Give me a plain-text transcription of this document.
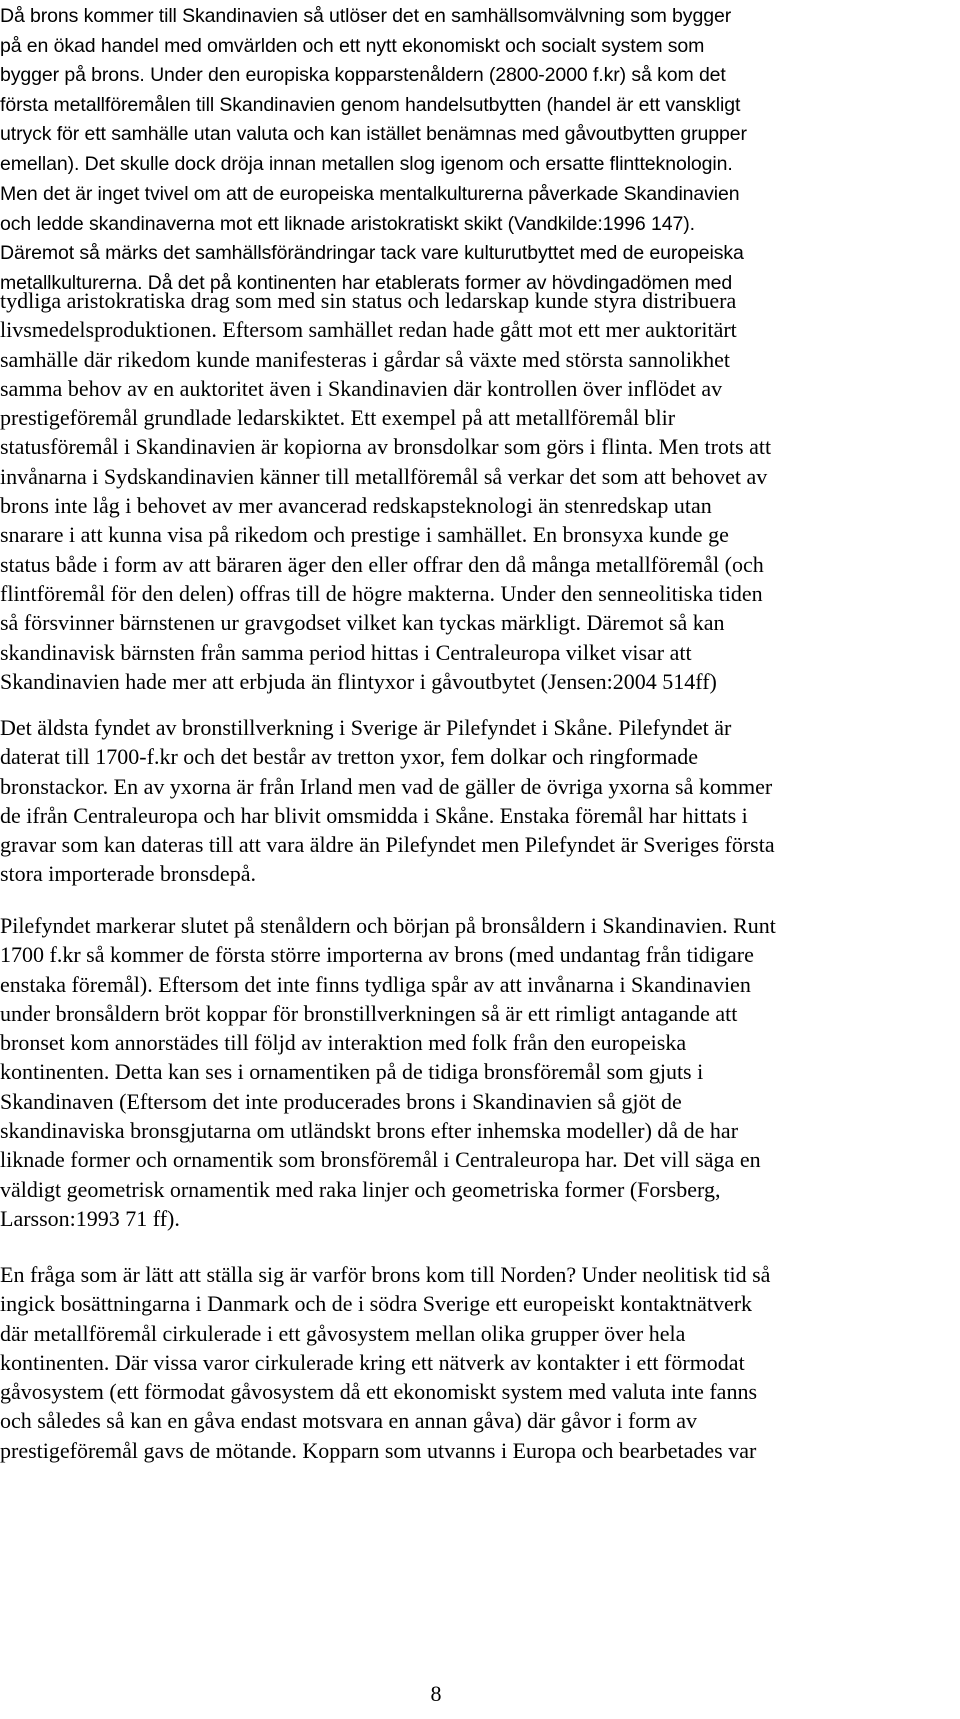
Då brons kommer till Skandinavien så utlöser det en samhällsomvälvning som bygger
på en ökad handel med omvärlden och ett nytt ekonomiskt och socialt system som
bygger på brons. Under den europiska kopparstenåldern (2800-2000 f.kr) så kom det
första metallföremålen till Skandinavien genom handelsutbytten (handel är ett vanskligt
utryck för ett samhälle utan valuta och kan istället benämnas med gåvoutbytten grupper
emellan). Det skulle dock dröja innan metallen slog igenom och ersatte flintteknologin.
Men det är inget tvivel om att de europeiska mentalkulturerna påverkade Skandinavien
och ledde skandinaverna mot ett liknade aristokratiskt skikt (Vandkilde:1996 147).
Däremot så märks det samhällsförändringar tack vare kulturutbyttet med de europeiska
metallkulturerna. Då det på kontinenten har etablerats former av hövdingadömen med
tydliga aristokratiska drag som med sin status och ledarskap kunde styra distribuera
livsmedelsproduktionen. Eftersom samhället redan hade gått mot ett mer auktoritärt
samhälle där rikedom kunde manifesteras i gårdar så växte med största sannolikhet
samma behov av en auktoritet även i Skandinavien där kontrollen över inflödet av
prestigeföremål grundlade ledarskiktet. Ett exempel på att metallföremål blir
statusföremål i Skandinavien är kopiorna av bronsdolkar som görs i flinta. Men trots att
invånarna i Sydskandinavien känner till metallföremål så verkar det som att behovet av
brons inte låg i behovet av mer avancerad redskapsteknologi än stenredskap utan
snarare i att kunna visa på rikedom och prestige i samhället. En bronsyxa kunde ge
status både i form av att bäraren äger den eller offrar den då många metallföremål (och
flintföremål för den delen) offras till de högre makterna. Under den senneolitiska tiden
så försvinner bärnstenen ur gravgodset vilket kan tyckas märkligt. Däremot så kan
skandinavisk bärnsten från samma period hittas i Centraleuropa vilket visar att
Skandinavien hade mer att erbjuda än flintyxor i gåvoutbytet (Jensen:2004 514ff)
Det äldsta fyndet av bronstillverkning i Sverige är Pilefyndet i Skåne. Pilefyndet är
daterat till 1700-f.kr och det består av tretton yxor, fem dolkar och ringformade
bronstackor. En av yxorna är från Irland men vad de gäller de övriga yxorna så kommer
de ifrån Centraleuropa och har blivit omsmidda i Skåne. Enstaka föremål har hittats i
gravar som kan dateras till att vara äldre än Pilefyndet men Pilefyndet är Sveriges första
stora importerade bronsdepå.
Pilefyndet markerar slutet på stenåldern och början på bronsåldern i Skandinavien. Runt
1700 f.kr så kommer de första större importerna av brons (med undantag från tidigare
enstaka föremål). Eftersom det inte finns tydliga spår av att invånarna i Skandinavien
under bronsåldern bröt koppar för bronstillverkningen så är ett rimligt antagande att
bronset kom annorstädes till följd av interaktion med folk från den europeiska
kontinenten. Detta kan ses i ornamentiken på de tidiga bronsföremål som gjuts i
Skandinaven (Eftersom det inte producerades brons i Skandinavien så gjöt de
skandinaviska bronsgjutarna om utländskt brons efter inhemska modeller) då de har
liknade former och ornamentik som bronsföremål i Centraleuropa har. Det vill säga en
väldigt geometrisk ornamentik med raka linjer och geometriska former (Forsberg,
Larsson:1993 71 ff).
En fråga som är lätt att ställa sig är varför brons kom till Norden? Under neolitisk tid så
ingick bosättningarna i Danmark och de i södra Sverige ett europeiskt kontaktnätverk
där metallföremål cirkulerade i ett gåvosystem mellan olika grupper över hela
kontinenten. Där vissa varor cirkulerade kring ett nätverk av kontakter i ett förmodat
gåvosystem (ett förmodat gåvosystem då ett ekonomiskt system med valuta inte fanns
och således så kan en gåva endast motsvara en annan gåva) där gåvor i form av
prestigeföremål gavs de mötande. Kopparn som utvanns i Europa och bearbetades var
8
